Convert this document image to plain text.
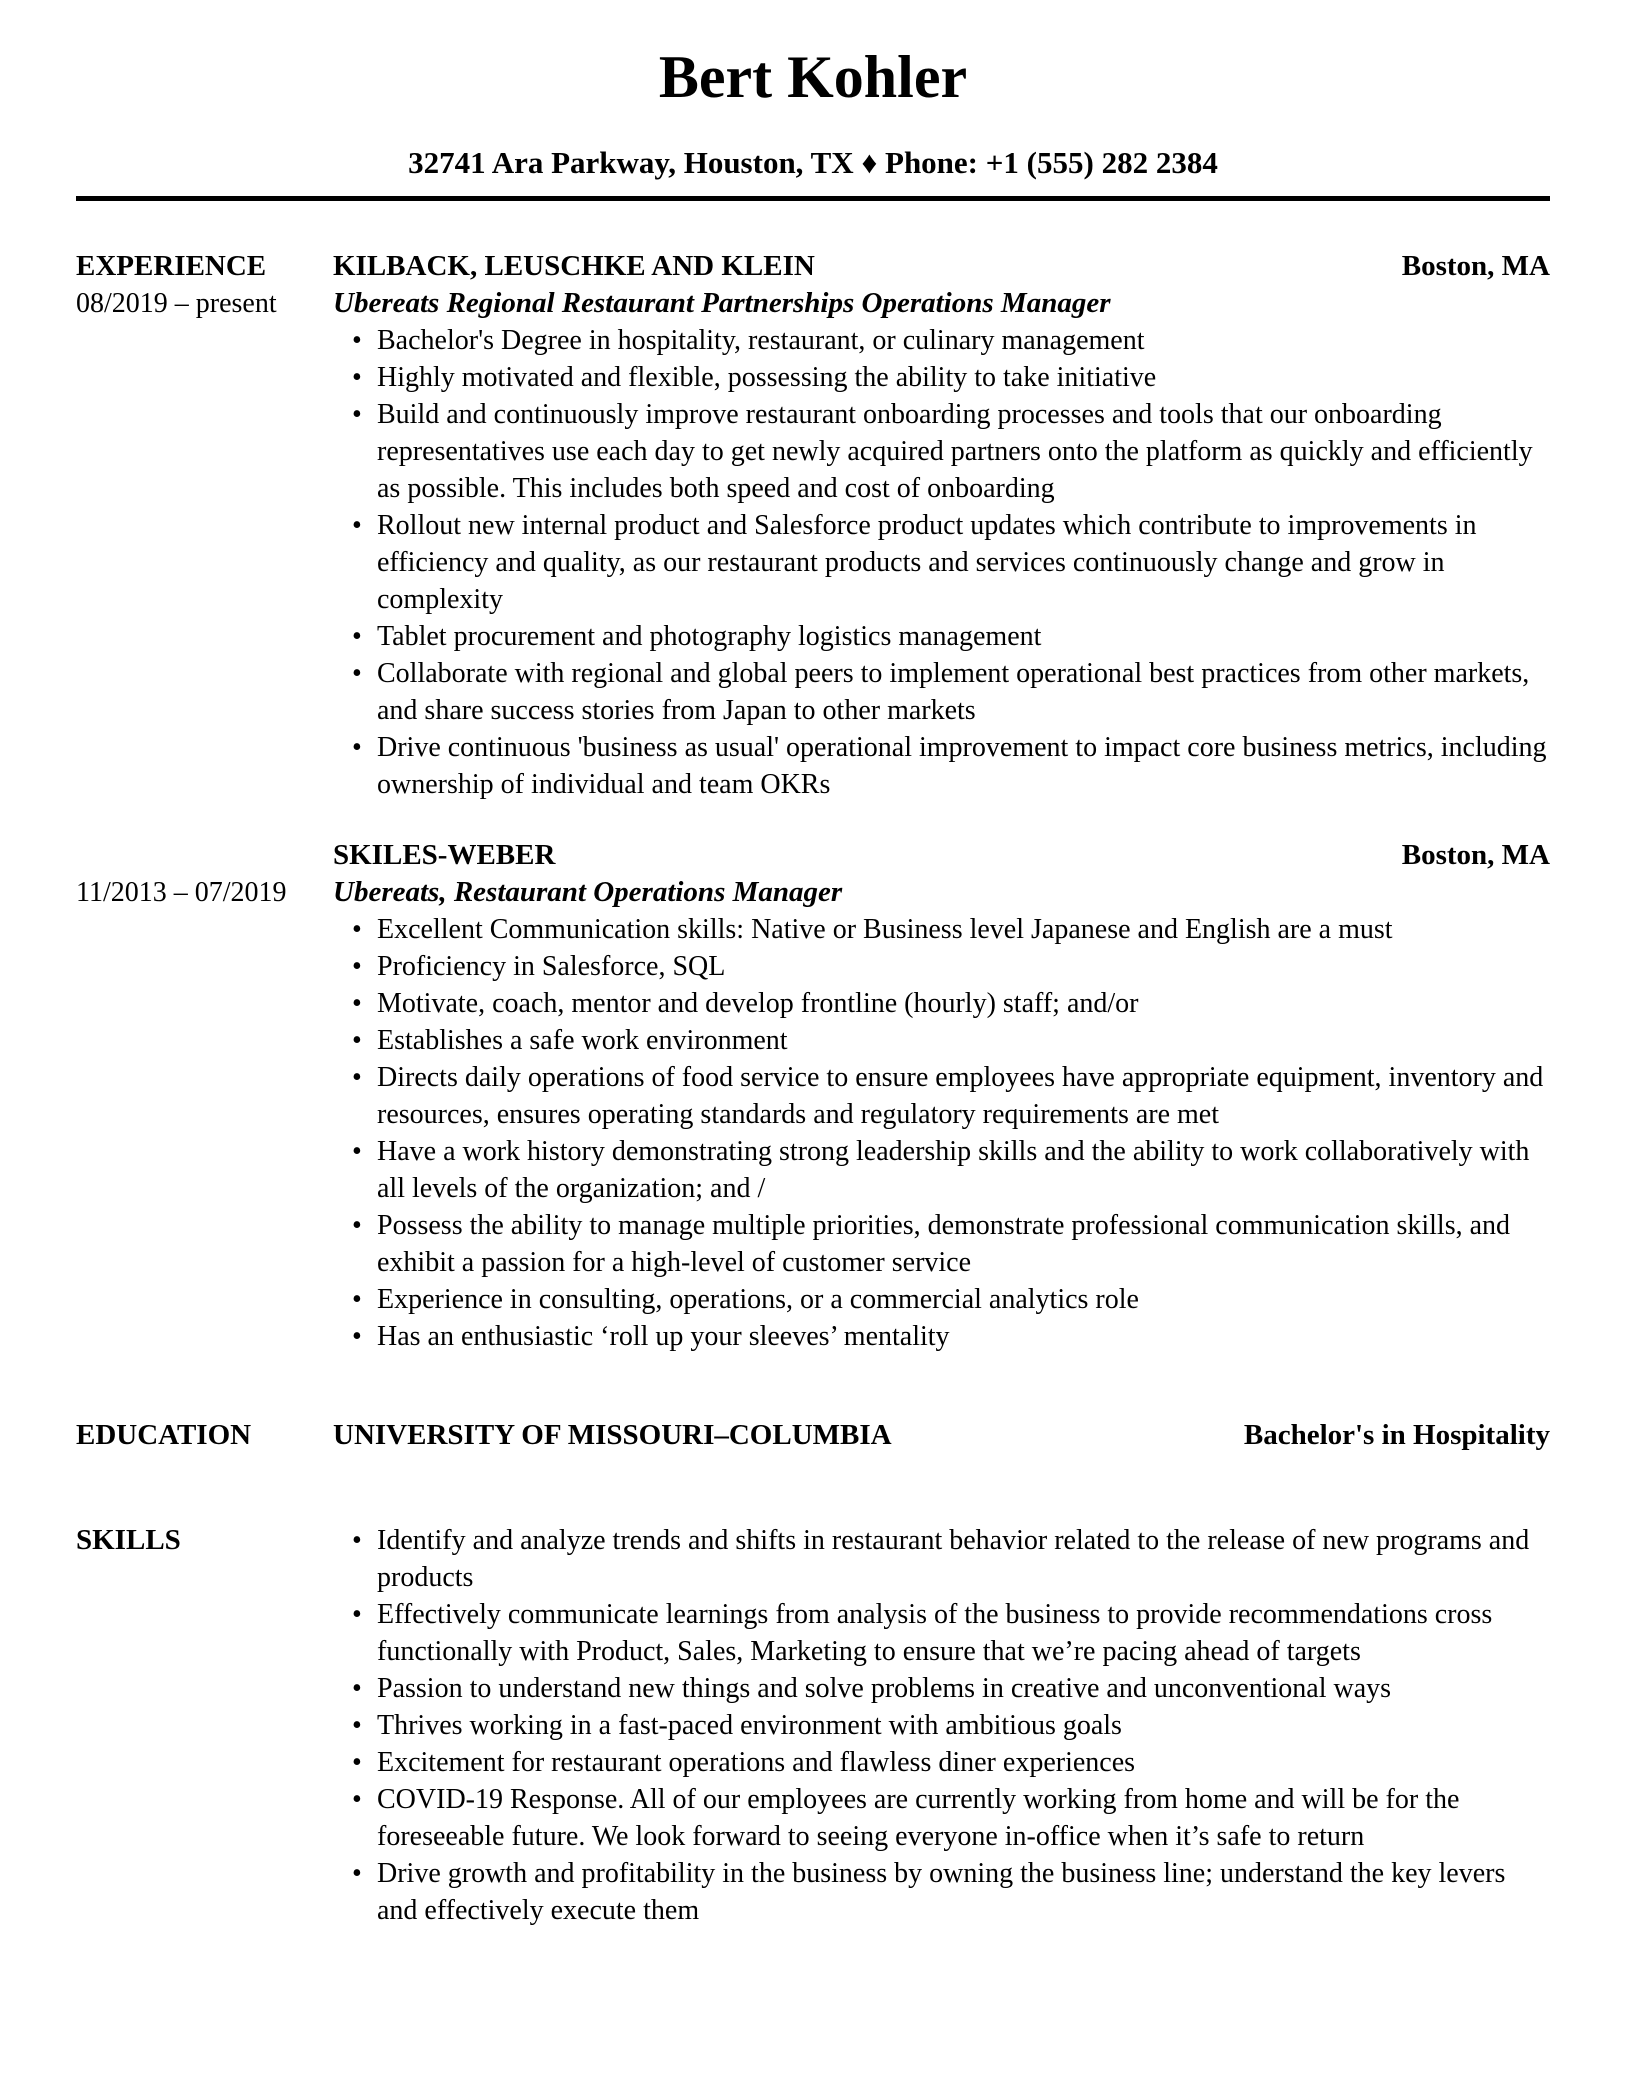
Bert Kohler
32741 Ara Parkway, Houston, TX ♦ Phone: +1 (555) 282 2384
EXPERIENCE
08/2019 – present
KILBACK, LEUSCHKE AND KLEIN	Boston, MA
Ubereats Regional Restaurant Partnerships Operations Manager
• Bachelor's Degree in hospitality, restaurant, or culinary management
• Highly motivated and flexible, possessing the ability to take initiative
• Build and continuously improve restaurant onboarding processes and tools that our onboarding representatives use each day to get newly acquired partners onto the platform as quickly and efficiently as possible. This includes both speed and cost of onboarding
• Rollout new internal product and Salesforce product updates which contribute to improvements in efficiency and quality, as our restaurant products and services continuously change and grow in complexity
• Tablet procurement and photography logistics management
• Collaborate with regional and global peers to implement operational best practices from other markets, and share success stories from Japan to other markets
• Drive continuous 'business as usual' operational improvement to impact core business metrics, including ownership of individual and team OKRs
11/2013 – 07/2019
SKILES-WEBER	Boston, MA
Ubereats, Restaurant Operations Manager
• Excellent Communication skills: Native or Business level Japanese and English are a must
• Proficiency in Salesforce, SQL
• Motivate, coach, mentor and develop frontline (hourly) staff; and/or
• Establishes a safe work environment
• Directs daily operations of food service to ensure employees have appropriate equipment, inventory and resources, ensures operating standards and regulatory requirements are met
• Have a work history demonstrating strong leadership skills and the ability to work collaboratively with all levels of the organization; and /
• Possess the ability to manage multiple priorities, demonstrate professional communication skills, and exhibit a passion for a high-level of customer service
• Experience in consulting, operations, or a commercial analytics role
• Has an enthusiastic ‘roll up your sleeves’ mentality
EDUCATION	UNIVERSITY OF MISSOURI–COLUMBIA	Bachelor's in Hospitality
SKILLS	• Identify and analyze trends and shifts in restaurant behavior related to the release of new programs and products
• Effectively communicate learnings from analysis of the business to provide recommendations cross functionally with Product, Sales, Marketing to ensure that we’re pacing ahead of targets
• Passion to understand new things and solve problems in creative and unconventional ways
• Thrives working in a fast-paced environment with ambitious goals
• Excitement for restaurant operations and flawless diner experiences
• COVID-19 Response. All of our employees are currently working from home and will be for the foreseeable future. We look forward to seeing everyone in-office when it’s safe to return
• Drive growth and profitability in the business by owning the business line; understand the key levers and effectively execute them
